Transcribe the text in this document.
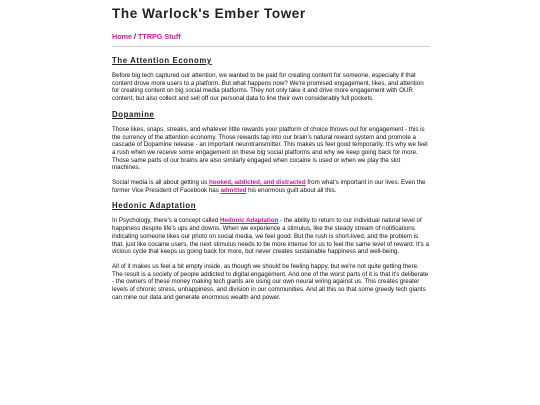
The Warlock's Ember Tower
Home / TTRPG Stuff
The Attention Economy

Before big tech captured our attention, we wanted to be paid for creating content for someone, especially if that content drove more users to a platform. But what happens now? We're promised engagement, likes, and attention for creating content on big social media platforms. They not only take it and drive more engagement with OUR content, but also collect and sell off our personal data to line their own considerably full pockets.

Dopamine

Those likes, snaps, streaks, and whatever little rewards your platform of choice throws out for engagement - this is the currency of the attention economy. Those rewards tap into our brain's natural reward system and promote a cascade of Dopamine release - an important neurotransmitter. This makes us feel good temporarily. It's why we feel a rush when we receive some engagement on these big social platforms and why we keep going back for more. Those same parts of our brains are also similarly engaged when cocaine is used or when we play the slot machines.

Social media is all about getting us hooked, addicted, and distracted from what's important in our lives. Even the former Vice President of Facebook has admitted his enormous guilt about all this.

Hedonic Adaptation

In Psychology, there's a concept called Hedonic Adaptation - the ability to return to our individual natural level of happiness despite life's ups and downs. When we experience a stimulus, like the steady stream of notifications indicating someone likes our photo on social media, we feel good. But the rush is short-lived, and the problem is that, just like cocaine users, the next stimulus needs to be more intense for us to feel the same level of reward. It's a vicious cycle that keeps us going back for more, but never creates sustainable happiness and well-being.

All of it makes us feel a bit empty inside, as though we should be feeling happy, but we're not quite getting there. The result is a society of people addicted to digital engagement. And one of the worst parts of it is that it's deliberate - the owners of these money making tech giants are using our own neural wiring against us. This creates greater levels of chronic stress, unhappiness, and division in our communities. And all this so that some greedy tech giants can mine our data and generate enormous wealth and power.
